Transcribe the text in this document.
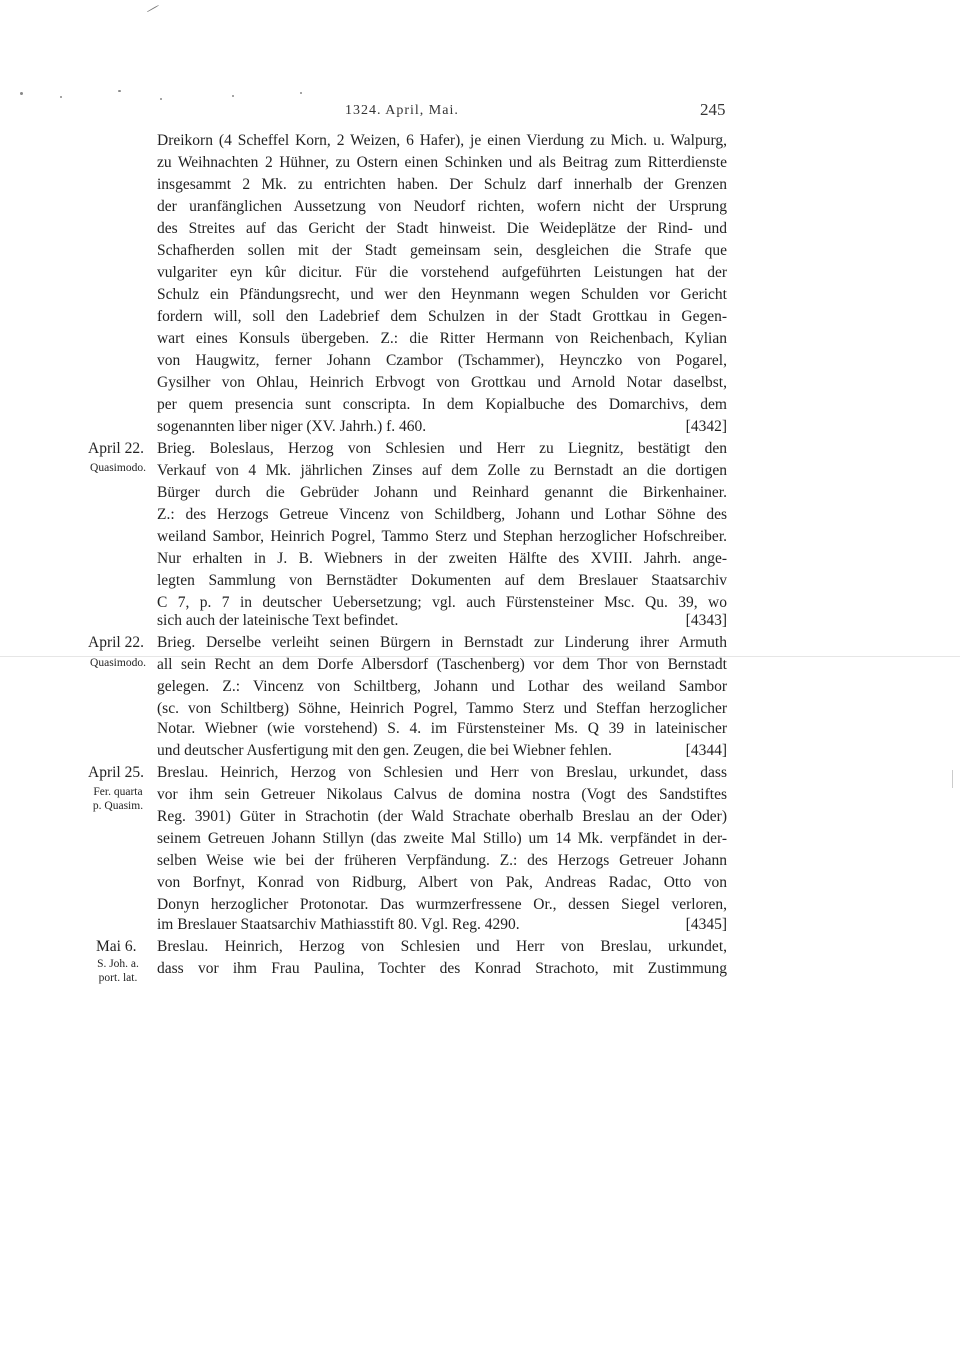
1324. April, Mai.	245
Dreikorn (4 Scheffel Korn, 2 Weizen, 6 Hafer), je einen Vierdung zu Mich. u. Walpurg,
zu Weihnachten 2 Hühner, zu Ostern einen Schinken und als Beitrag zum Ritterdienste
insgesammt 2 Mk. zu entrichten haben. Der Schulz darf innerhalb der Grenzen
der uranfänglichen Aussetzung von Neudorf richten, wofern nicht der Ursprung
des Streites auf das Gericht der Stadt hinweist. Die Weideplätze der Rind- und
Schafherden sollen mit der Stadt gemeinsam sein, desgleichen die Strafe que
vulgariter eyn kûr dicitur. Für die vorstehend aufgeführten Leistungen hat der
Schulz ein Pfändungsrecht, und wer den Heynmann wegen Schulden vor Gericht
fordern will, soll den Ladebrief dem Schulzen in der Stadt Grottkau in Gegen-
wart eines Konsuls übergeben. Z.: die Ritter Hermann von Reichenbach, Kylian
von Haugwitz, ferner Johann Czambor (Tschammer), Heynczko von Pogarel,
Gysilher von Ohlau, Heinrich Erbvogt von Grottkau und Arnold Notar daselbst,
per quem presencia sunt conscripta. In dem Kopialbuche des Domarchivs, dem
sogenannten liber niger (XV. Jahrh.) f. 460.	[4342]
April 22.
Quasimodo.
Brieg. Boleslaus, Herzog von Schlesien und Herr zu Liegnitz, bestätigt den
Verkauf von 4 Mk. jährlichen Zinses auf dem Zolle zu Bernstadt an die dortigen
Bürger durch die Gebrüder Johann und Reinhard genannt die Birkenhainer.
Z.: des Herzogs Getreue Vincenz von Schildberg, Johann und Lothar Söhne des
weiland Sambor, Heinrich Pogrel, Tammo Sterz und Stephan herzoglicher Hofschreiber.
Nur erhalten in J. B. Wiebners in der zweiten Hälfte des XVIII. Jahrh. ange-
legten Sammlung von Bernstädter Dokumenten auf dem Breslauer Staatsarchiv
C 7, p. 7 in deutscher Uebersetzung; vgl. auch Fürstensteiner Msc. Qu. 39, wo
sich auch der lateinische Text befindet.	[4343]
April 22.
Quasimodo.
Brieg. Derselbe verleiht seinen Bürgern in Bernstadt zur Linderung ihrer Armuth
all sein Recht an dem Dorfe Albersdorf (Taschenberg) vor dem Thor von Bernstadt
gelegen. Z.: Vincenz von Schiltberg, Johann und Lothar des weiland Sambor
(sc. von Schiltberg) Söhne, Heinrich Pogrel, Tammo Sterz und Steffan herzoglicher
Notar. Wiebner (wie vorstehend) S. 4. im Fürstensteiner Ms. Q 39 in lateinischer
und deutscher Ausfertigung mit den gen. Zeugen, die bei Wiebner fehlen.	[4344]
April 25.
Fer. quarta
p. Quasim.
Breslau. Heinrich, Herzog von Schlesien und Herr von Breslau, urkundet, dass
vor ihm sein Getreuer Nikolaus Calvus de domina nostra (Vogt des Sandstiftes
Reg. 3901) Güter in Strachotin (der Wald Strachate oberhalb Breslau an der Oder)
seinem Getreuen Johann Stillyn (das zweite Mal Stillo) um 14 Mk. verpfändet in der-
selben Weise wie bei der früheren Verpfändung. Z.: des Herzogs Getreuer Johann
von Borfnyt, Konrad von Ridburg, Albert von Pak, Andreas Radac, Otto von
Donyn herzoglicher Protonotar. Das wurmzerfressene Or., dessen Siegel verloren,
im Breslauer Staatsarchiv Mathiasstift 80. Vgl. Reg. 4290.	[4345]
Mai 6.
S. Joh. a.
port. lat.
Breslau. Heinrich, Herzog von Schlesien und Herr von Breslau, urkundet,
dass vor ihm Frau Paulina, Tochter des Konrad Strachoto, mit Zustimmung
